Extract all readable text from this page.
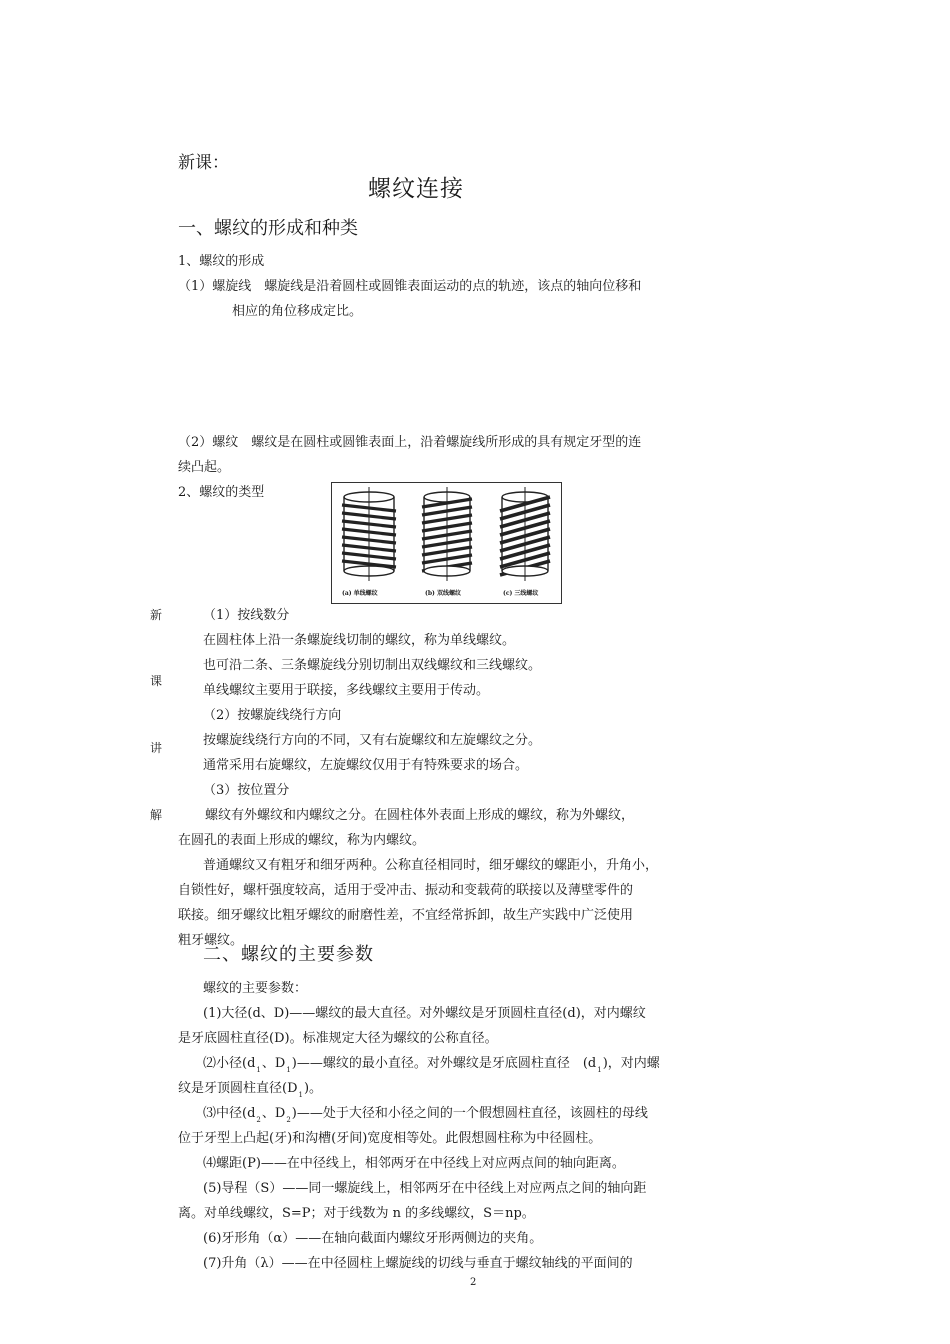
新课：
螺纹连接
一、螺纹的形成和种类
1、螺纹的形成
（1）螺旋线　螺旋线是沿着圆柱或圆锥表面运动的点的轨迹，该点的轴向位移和
相应的角位移成定比。
（2）螺纹　螺纹是在圆柱或圆锥表面上，沿着螺旋线所形成的具有规定牙型的连
续凸起。
2、螺纹的类型
(a) 单线螺纹	(b) 双线螺纹	(c) 三线螺纹
新
课
讲
解
（1）按线数分
在圆柱体上沿一条螺旋线切制的螺纹，称为单线螺纹。
也可沿二条、三条螺旋线分别切制出双线螺纹和三线螺纹。
单线螺纹主要用于联接，多线螺纹主要用于传动。
（2）按螺旋线绕行方向
按螺旋线绕行方向的不同，又有右旋螺纹和左旋螺纹之分。
通常采用右旋螺纹，左旋螺纹仅用于有特殊要求的场合。
（3）按位置分
螺纹有外螺纹和内螺纹之分。在圆柱体外表面上形成的螺纹，称为外螺纹，
在圆孔的表面上形成的螺纹，称为内螺纹。
普通螺纹又有粗牙和细牙两种。公称直径相同时，细牙螺纹的螺距小，升角小，
自锁性好，螺杆强度较高，适用于受冲击、振动和变载荷的联接以及薄壁零件的
联接。细牙螺纹比粗牙螺纹的耐磨性差，不宜经常拆卸，故生产实践中广泛使用
粗牙螺纹。
二、螺纹的主要参数
螺纹的主要参数：
(1)大径(d、D)——螺纹的最大直径。对外螺纹是牙顶圆柱直径(d)，对内螺纹
是牙底圆柱直径(D)。标准规定大径为螺纹的公称直径。
⑵小径($d_1$、$D_1)——$螺纹的最小直径。对外螺纹是牙底圆柱直径　$(d_1)$，对内螺
纹是牙顶圆柱直径$(D_1)$。
⑶中径($d_2$、$D_2)——$处于大径和小径之间的一个假想圆柱直径，该圆柱的母线
位于牙型上凸起(牙)和沟槽(牙间)宽度相等处。此假想圆柱称为中径圆柱。
⑷螺距(P)——在中径线上，相邻两牙在中径线上对应两点间的轴向距离。
(5)导程（S）——同一螺旋线上，相邻两牙在中径线上对应两点之间的轴向距
离。对单线螺纹，S=P；对于线数为 n 的多线螺纹，S＝np。
(6)牙形角（α）——在轴向截面内螺纹牙形两侧边的夹角。
(7)升角（λ）——在中径圆柱上螺旋线的切线与垂直于螺纹轴线的平面间的
2
